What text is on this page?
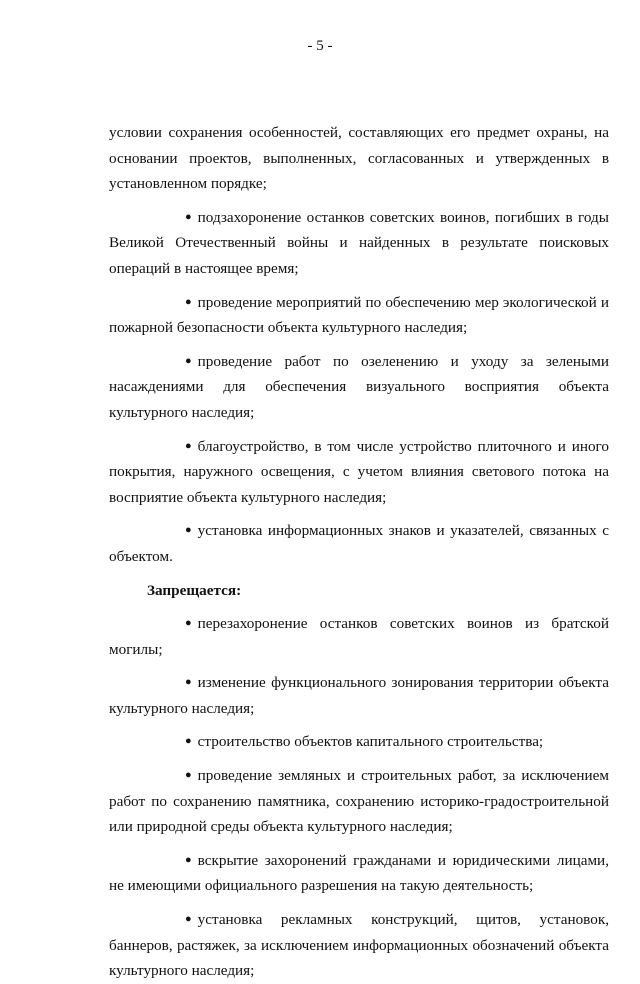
- 5 -

условии сохранения особенностей, составляющих его предмет охраны, на основании проектов, выполненных, согласованных и утвержденных в установленном порядке;

● подзахоронение останков советских воинов, погибших в годы Великой Отечественный войны и найденных в результате поисковых операций в настоящее время;

● проведение мероприятий по обеспечению мер экологической и пожарной безопасности объекта культурного наследия;

● проведение работ по озеленению и уходу за зелеными насаждениями для обеспечения визуального восприятия объекта культурного наследия;

● благоустройство, в том числе устройство плиточного и иного покрытия, наружного освещения, с учетом влияния светового потока на восприятие объекта культурного наследия;

● установка информационных знаков и указателей, связанных с объектом.

Запрещается:

● перезахоронение останков советских воинов из братской могилы;

● изменение функционального зонирования территории объекта культурного наследия;

● строительство объектов капитального строительства;

● проведение земляных и строительных работ, за исключением работ по сохранению памятника, сохранению историко-градостроительной или природной среды объекта культурного наследия;

● вскрытие захоронений гражданами и юридическими лицами, не имеющими официального разрешения на такую деятельность;

● установка рекламных конструкций, щитов, установок, баннеров, растяжек, за исключением информационных обозначений объекта культурного наследия;
